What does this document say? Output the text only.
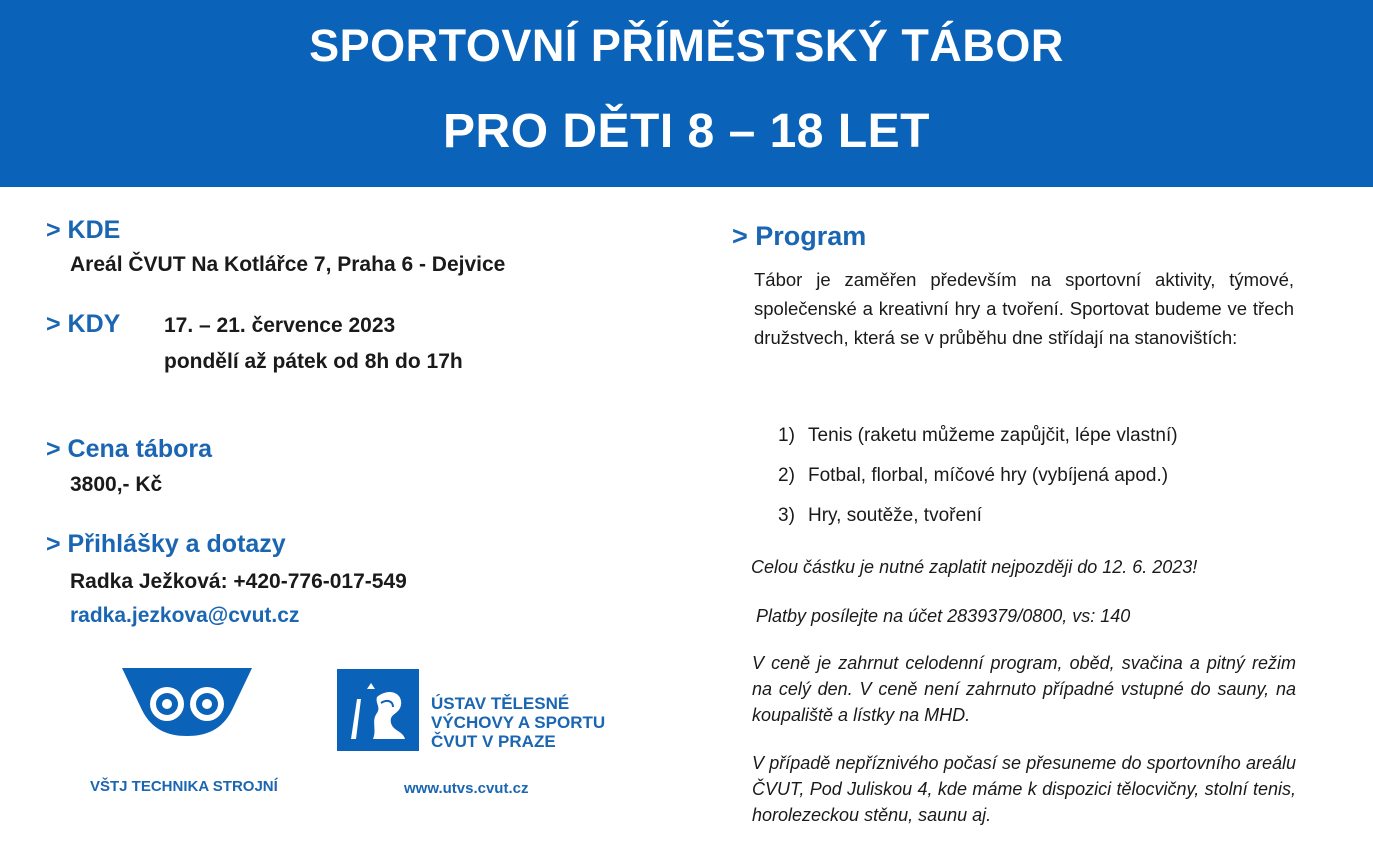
SPORTOVNÍ PŘÍMĚSTSKÝ TÁBOR
PRO DĚTI 8 – 18 LET
> KDE
Areál ČVUT Na Kotlářce 7, Praha 6 - Dejvice
> KDY 17. – 21. července 2023
pondělí až pátek od 8h do 17h
> Cena tábora
3800,- Kč
> Přihlášky a dotazy
Radka Ježková: +420-776-017-549
radka.jezkova@cvut.cz
VŠTJ TECHNIKA STROJNÍ
ÚSTAV TĚLESNÉ
VÝCHOVY A SPORTU
ČVUT V PRAZE
www.utvs.cvut.cz
> Program
Tábor je zaměřen především na sportovní aktivity, týmové, společenské a kreativní hry a tvoření. Sportovat budeme ve třech družstvech, která se v průběhu dne střídají na stanovištích:
1) Tenis (raketu můžeme zapůjčit, lépe vlastní)
2) Fotbal, florbal, míčové hry (vybíjená apod.)
3) Hry, soutěže, tvoření
Celou částku je nutné zaplatit nejpozději do 12. 6. 2023!
Platby posílejte na účet 2839379/0800, vs: 140
V ceně je zahrnut celodenní program, oběd, svačina a pitný režim na celý den. V ceně není zahrnuto případné vstupné do sauny, na koupaliště a lístky na MHD.
V případě nepříznivého počasí se přesuneme do sportovního areálu ČVUT, Pod Juliskou 4, kde máme k dispozici tělocvičny, stolní tenis, horolezeckou stěnu, saunu aj.
